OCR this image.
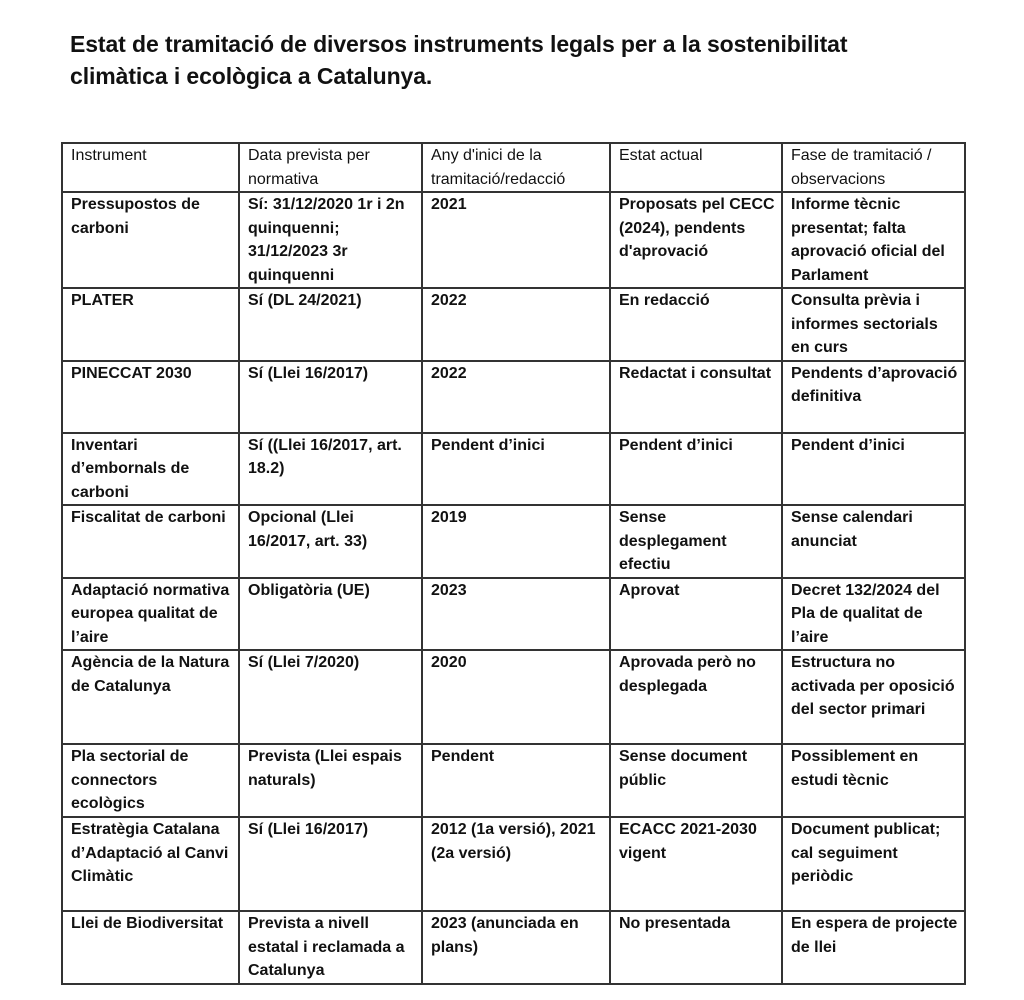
Estat de tramitació de diversos instruments legals per a la sostenibilitat climàtica i ecològica a Catalunya.
Instrument	Data prevista per normativa	Any d'inici de la tramitació/redacció	Estat actual	Fase de tramitació / observacions
Pressupostos de carboni	Sí: 31/12/2020 1r i 2n quinquenni; 31/12/2023 3r quinquenni	2021	Proposats pel CECC (2024), pendents d'aprovació	Informe tècnic presentat; falta aprovació oficial del Parlament
PLATER	Sí (DL 24/2021)	2022	En redacció	Consulta prèvia i informes sectorials en curs
PINECCAT 2030	Sí (Llei 16/2017)	2022	Redactat i consultat	Pendents d’aprovació definitiva
Inventari d’embornals de carboni	Sí ((Llei 16/2017, art. 18.2)	Pendent d’inici	Pendent d’inici	Pendent d’inici
Fiscalitat de carboni	Opcional (Llei 16/2017, art. 33)	2019	Sense desplegament efectiu	Sense calendari anunciat
Adaptació normativa europea qualitat de l’aire	Obligatòria (UE)	2023	Aprovat	Decret 132/2024 del Pla de qualitat de l’aire
Agència de la Natura de Catalunya	Sí (Llei 7/2020)	2020	Aprovada però no desplegada	Estructura no activada per oposició del sector primari
Pla sectorial de connectors ecològics	Prevista (Llei espais naturals)	Pendent	Sense document públic	Possiblement en estudi tècnic
Estratègia Catalana d’Adaptació al Canvi Climàtic	Sí (Llei 16/2017)	2012 (1a versió), 2021 (2a versió)	ECACC 2021-2030 vigent	Document publicat; cal seguiment periòdic
Llei de Biodiversitat	Prevista a nivell estatal i reclamada a Catalunya	2023 (anunciada en plans)	No presentada	En espera de projecte de llei
